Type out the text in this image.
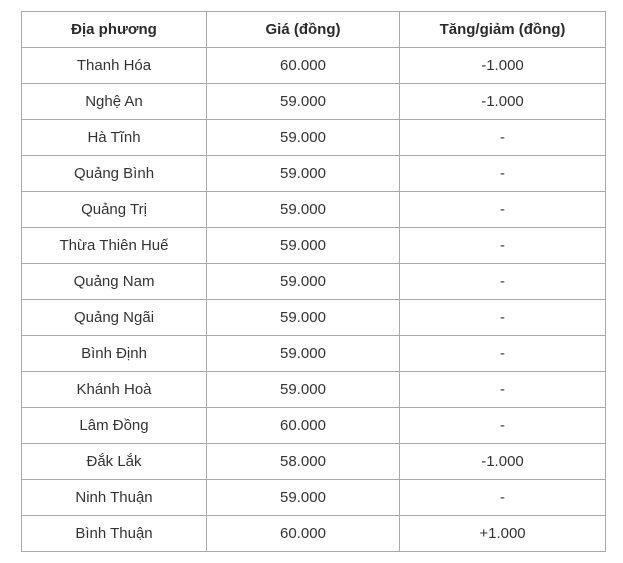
Địa phương	Giá (đồng)	Tăng/giảm (đồng)
Thanh Hóa	60.000	-1.000
Nghệ An	59.000	-1.000
Hà Tĩnh	59.000	-
Quảng Bình	59.000	-
Quảng Trị	59.000	-
Thừa Thiên Huế	59.000	-
Quảng Nam	59.000	-
Quảng Ngãi	59.000	-
Bình Định	59.000	-
Khánh Hoà	59.000	-
Lâm Đồng	60.000	-
Đắk Lắk	58.000	-1.000
Ninh Thuận	59.000	-
Bình Thuận	60.000	+1.000
